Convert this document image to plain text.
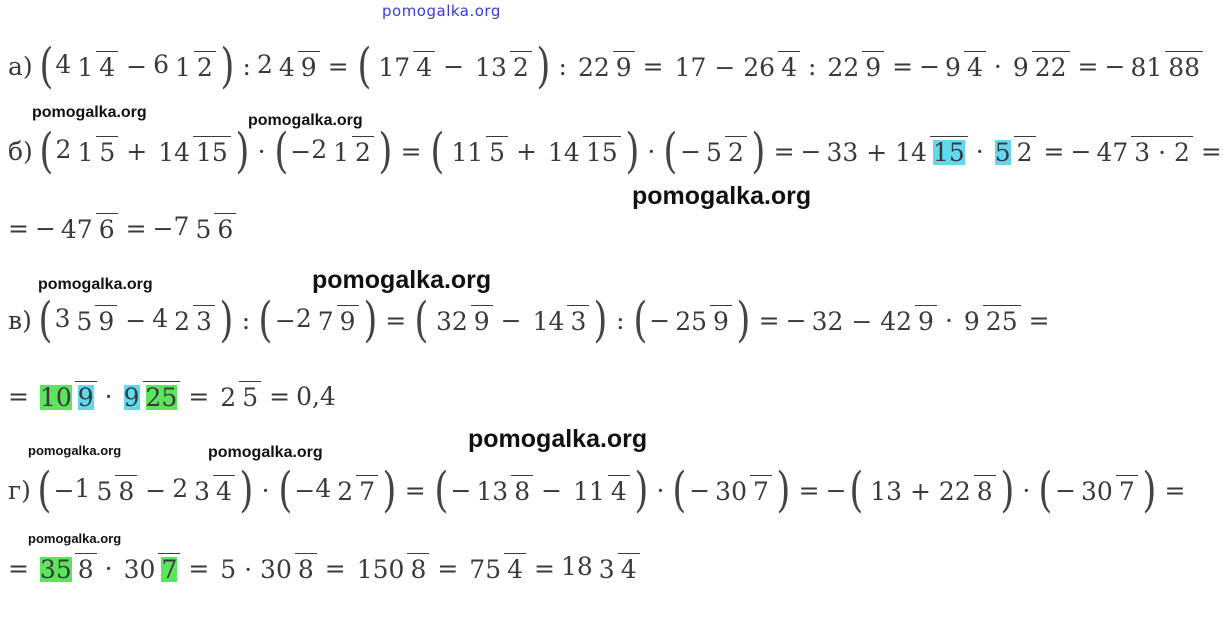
pomogalka.org
pomogalka.org	pomogalka.org
pomogalka.org
pomogalka.org	pomogalka.org
pomogalka.org
pomogalka.org	pomogalka.org
pomogalka.org
а) ( 4 1 4 − 6 1 2 ) : 2 4 9 = ( 17 4 − 13 2 ) : 22 9 = 17 − 26 4 : 22 9 = − 9 4 · 9 22 = − 81 88
б) ( 2 1 5 + 14 15 ) · ( − 2 1 2 ) = ( 11 5 + 14 15 ) · ( − 5 2 ) = − 33 + 14 15 · 5 2 = − 47 3 · 2 =
= − 47 6 = − 7 5 6
в) ( 3 5 9 − 4 2 3 ) : ( − 2 7 9 ) = ( 32 9 − 14 3 ) : ( − 25 9 ) = − 32 − 42 9 · 9 25 =
= 10 9 · 9 25 = 2 5 = 0,4
г) ( − 1 5 8 − 2 3 4 ) · ( − 4 2 7 ) = ( − 13 8 − 11 4 ) · ( − 30 7 ) = − ( 13 + 22 8 ) · ( − 30 7 ) =
= 35 8 · 30 7 = 5 · 30 8 = 150 8 = 75 4 = 18 3 4
